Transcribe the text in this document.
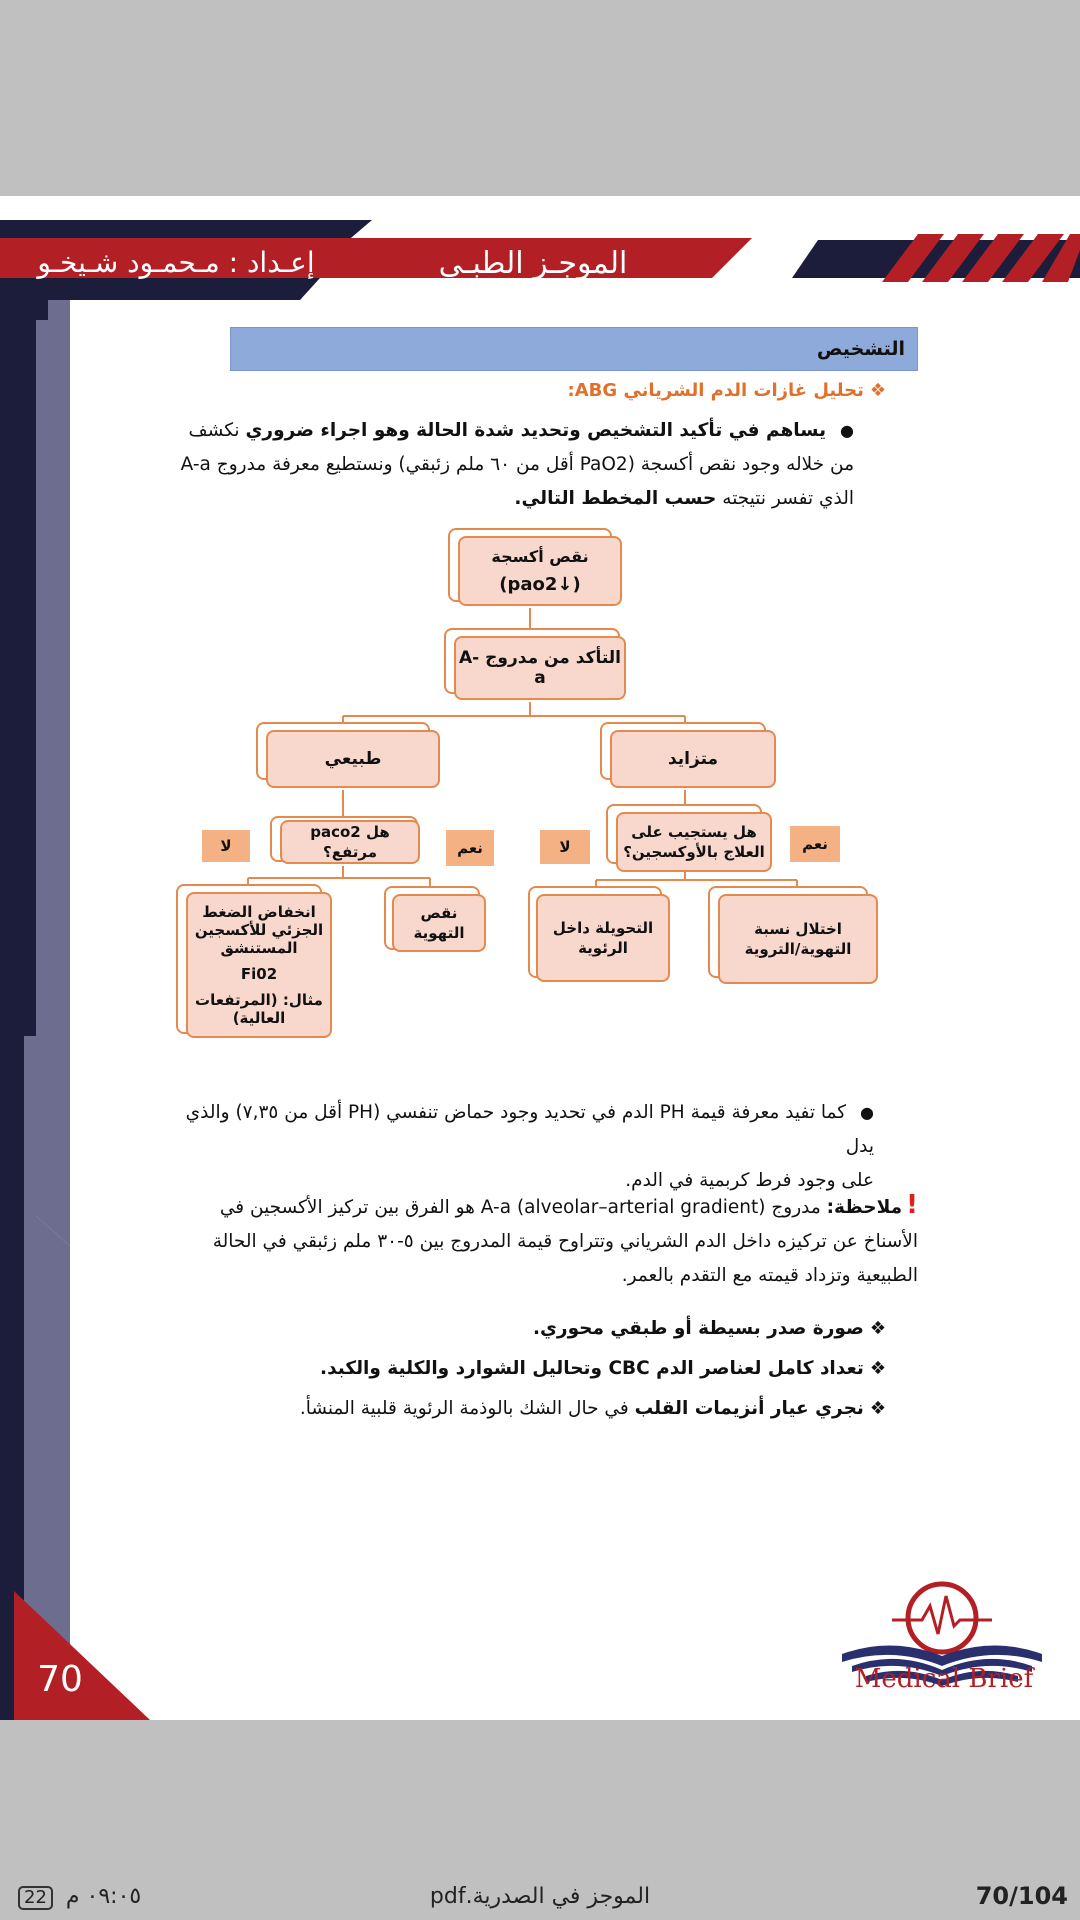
الموجـز الطبـي
إعـداد : مـحمـود شـيخـو
التشخيص
❖تحليل غازات الدم الشرياني ABG:
●يساهم في تأكيد التشخيص وتحديد شدة الحالة وهو اجراء ضروري نكشف من خلاله وجود نقص أكسجة (PaO2 أقل من ٦٠ ملم زئبقي) ونستطيع معرفة مدروج A-a الذي تفسر نتيجته حسب المخطط التالي.
نقص أكسجة
(↓pao2)
التأكد من مدروج A-a
طبيعي	متزايد
هل paco2 مرتفع؟
هل يستجيب على
العلاج بالأوكسجين؟
لا	نعم	لا	نعم
انخفاض الضغط
الجزئي للأكسجين
المستنشق
Fi02
مثال: (المرتفعات
العالية)
نقص
التهوية	التحويلة داخل
الرئوية
اختلال نسبة
التهوية/التروية
●كما تفيد معرفة قيمة PH الدم في تحديد وجود حماض تنفسي (PH أقل من ٧,٣٥) والذي يدل
على وجود فرط كربمية في الدم.
!ملاحظة: مدروج A-a (alveolar–arterial gradient) هو الفرق بين تركيز الأكسجين في الأسناخ عن تركيزه داخل الدم الشرياني وتتراوح قيمة المدروج بين ٥-٣٠ ملم زئبقي في الحالة الطبيعية وتزداد قيمته مع التقدم بالعمر.
❖صورة صدر بسيطة أو طبقي محوري.
❖تعداد كامل لعناصر الدم CBC وتحاليل الشوارد والكلية والكبد.
❖نجري عيار أنزيمات القلب في حال الشك بالوذمة الرئوية قلبية المنشأ.
Medical Brief
70
٠٩:٠٥ م 22	الموجز في الصدرية.pdf	70/104
